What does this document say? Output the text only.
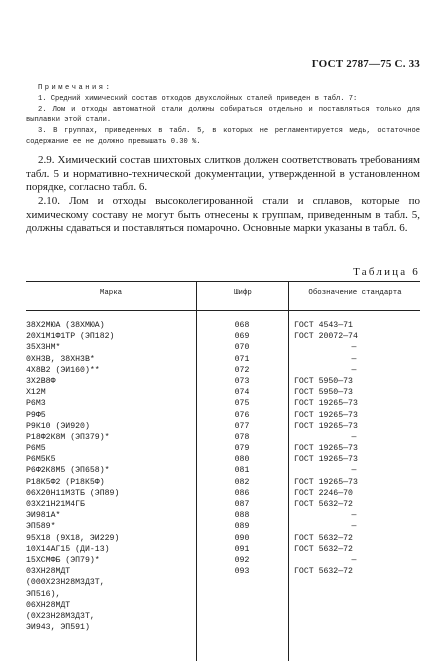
ГОСТ 2787—75 С. 33

Примечания:

1. Средний химический состав отходов двухслойных сталей приведен в табл. 7:

2. Лом и отходы автоматной стали должны собираться отдельно и поставляться только для выплавки этой стали.

3. В группах, приведенных в табл. 5, в которых не регламентируется медь, остаточное содержание ее не должно превышать 0.30 %.

2.9. Химический состав шихтовых слитков должен соответствовать требованиям табл. 5 и нормативно-технической документации, утвержденной в установленном порядке, согласно табл. 6.

2.10. Лом и отходы высоколегированной стали и сплавов, которые по химическому составу не могут быть отнесены к группам, приведенным в табл. 5, должны сдаваться и поставляться помарочно. Основные марки указаны в табл. 6.

Таблица 6
Марка	Шифр	Обозначение стандарта
38Х2МЮА (38ХМЮА)	068	ГОСТ 4543—71
20Х1М1Ф1ТР (ЭП182)	069	ГОСТ 20072—74
35Х3НМ*	070	—
0ХН3В, 38ХН3В*	071	—
4Х8В2 (ЭИ160)**	072	—
3Х2В8Ф	073	ГОСТ 5950—73
Х12М	074	ГОСТ 5950—73
Р6М3	075	ГОСТ 19265—73
Р9Ф5	076	ГОСТ 19265—73
Р9К10 (ЭИ920)	077	ГОСТ 19265—73
Р18Ф2К8М (ЭП379)*	078	—
Р6М5	079	ГОСТ 19265—73
Р6М5К5	080	ГОСТ 19265—73
Р6Ф2К8М5 (ЭП658)*	081	—
Р18К5Ф2 (Р18К5Ф)	082	ГОСТ 19265—73
06Х20Н11М3ТБ (ЭП89)	086	ГОСТ 2246—70
03Х21Н21М4ГБ	087	ГОСТ 5632—72
ЭИ981А*	088	—
ЭП589*	089	—
95Х18 (9Х18, ЭИ229)	090	ГОСТ 5632—72
10Х14АГ15 (ДИ-13)	091	ГОСТ 5632—72
15ХСМФБ (ЭП79)*	092	—
03ХН28МДТ	093	ГОСТ 5632—72
(000Х23Н28М3Д3Т,
ЭП516),
06ХН28МДТ
(0Х23Н28М3Д3Т,
ЭИ943, ЭП591)
